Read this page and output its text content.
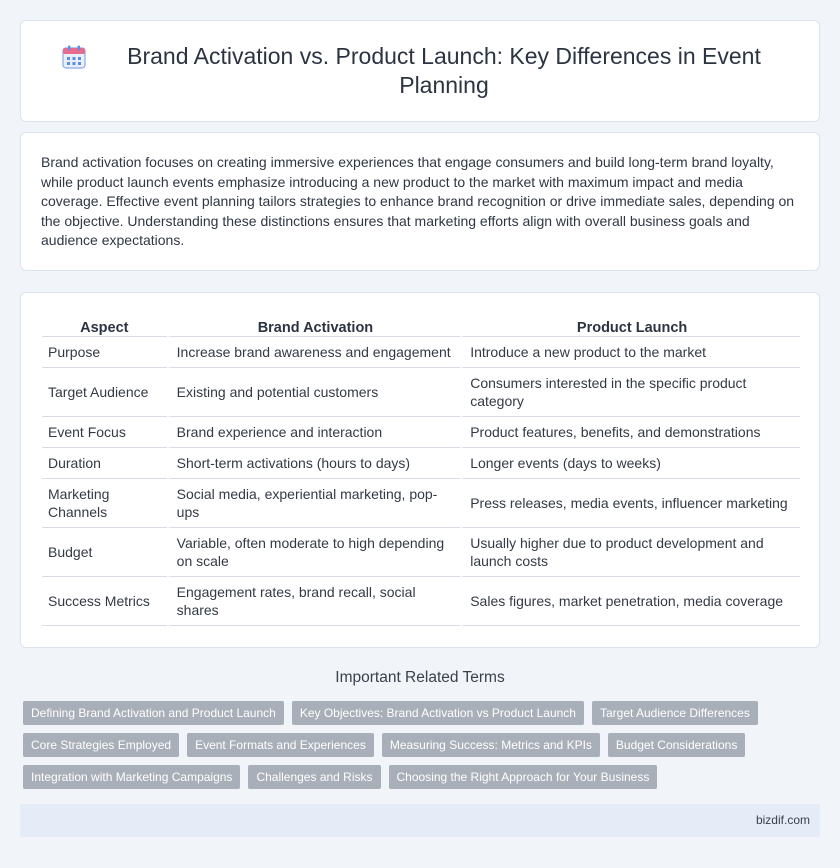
Brand Activation vs. Product Launch: Key Differences in Event Planning

Brand activation focuses on creating immersive experiences that engage consumers and build long-term brand loyalty, while product launch events emphasize introducing a new product to the market with maximum impact and media coverage. Effective event planning tailors strategies to enhance brand recognition or drive immediate sales, depending on the objective. Understanding these distinctions ensures that marketing efforts align with overall business goals and audience expectations.

Aspect	Brand Activation	Product Launch
Purpose	Increase brand awareness and engagement	Introduce a new product to the market
Target Audience	Existing and potential customers	Consumers interested in the specific product category
Event Focus	Brand experience and interaction	Product features, benefits, and demonstrations
Duration	Short-term activations (hours to days)	Longer events (days to weeks)
Marketing Channels	Social media, experiential marketing, pop-ups	Press releases, media events, influencer marketing
Budget	Variable, often moderate to high depending on scale	Usually higher due to product development and launch costs
Success Metrics	Engagement rates, brand recall, social shares	Sales figures, market penetration, media coverage
Important Related Terms
Defining Brand Activation and Product Launch	Key Objectives: Brand Activation vs Product Launch	Target Audience Differences
Core Strategies Employed	Event Formats and Experiences	Measuring Success: Metrics and KPIs	Budget Considerations
Integration with Marketing Campaigns	Challenges and Risks	Choosing the Right Approach for Your Business
bizdif.com
